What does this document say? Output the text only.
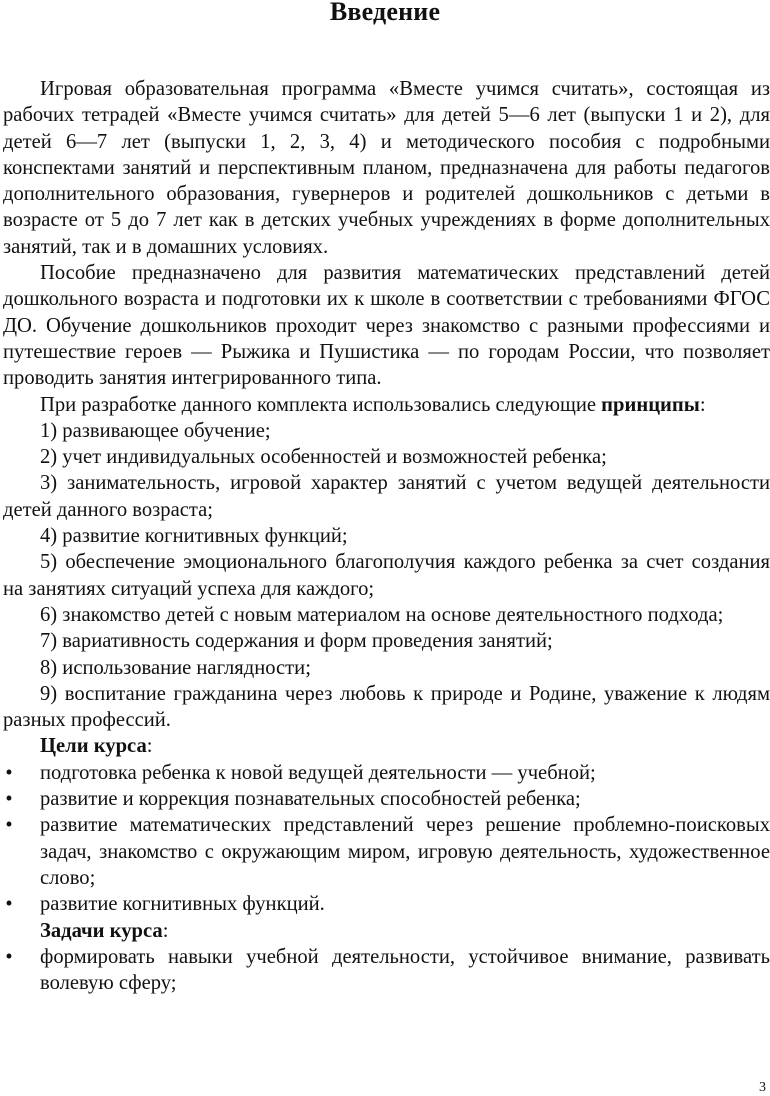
Введение

Игровая образовательная программа «Вместе учимся считать», состоящая из рабочих тетрадей «Вместе учимся считать» для детей 5—6 лет (выпуски 1 и 2), для детей 6—7 лет (выпуски 1, 2, 3, 4) и методического пособия с подробными конспектами занятий и перспективным планом, предназначена для работы педагогов дополнительного образования, гувернеров и родителей дошкольников с детьми в возрасте от 5 до 7 лет как в детских учебных учреждениях в форме дополнительных занятий, так и в домашних условиях.

Пособие предназначено для развития математических представлений детей дошкольного возраста и подготовки их к школе в соответствии с требованиями ФГОС ДО. Обучение дошкольников проходит через знакомство с разными профессиями и путешествие героев — Рыжика и Пушистика — по городам России, что позволяет проводить занятия интегрированного типа.

При разработке данного комплекта использовались следующие принципы:

1) развивающее обучение;

2) учет индивидуальных особенностей и возможностей ребенка;

3) занимательность, игровой характер занятий с учетом ведущей деятельности детей данного возраста;

4) развитие когнитивных функций;

5) обеспечение эмоционального благополучия каждого ребенка за счет создания на занятиях ситуаций успеха для каждого;

6) знакомство детей с новым материалом на основе деятельностного подхода;

7) вариативность содержания и форм проведения занятий;

8) использование наглядности;

9) воспитание гражданина через любовь к природе и Родине, уважение к людям разных профессий.

Цели курса:

• подготовка ребенка к новой ведущей деятельности — учебной;
• развитие и коррекция познавательных способностей ребенка;
• развитие математических представлений через решение проблемно-поисковых задач, знакомство с окружающим миром, игровую деятельность, художественное слово;
• развитие когнитивных функций.

Задачи курса:

• формировать навыки учебной деятельности, устойчивое внимание, развивать волевую сферу;
3
